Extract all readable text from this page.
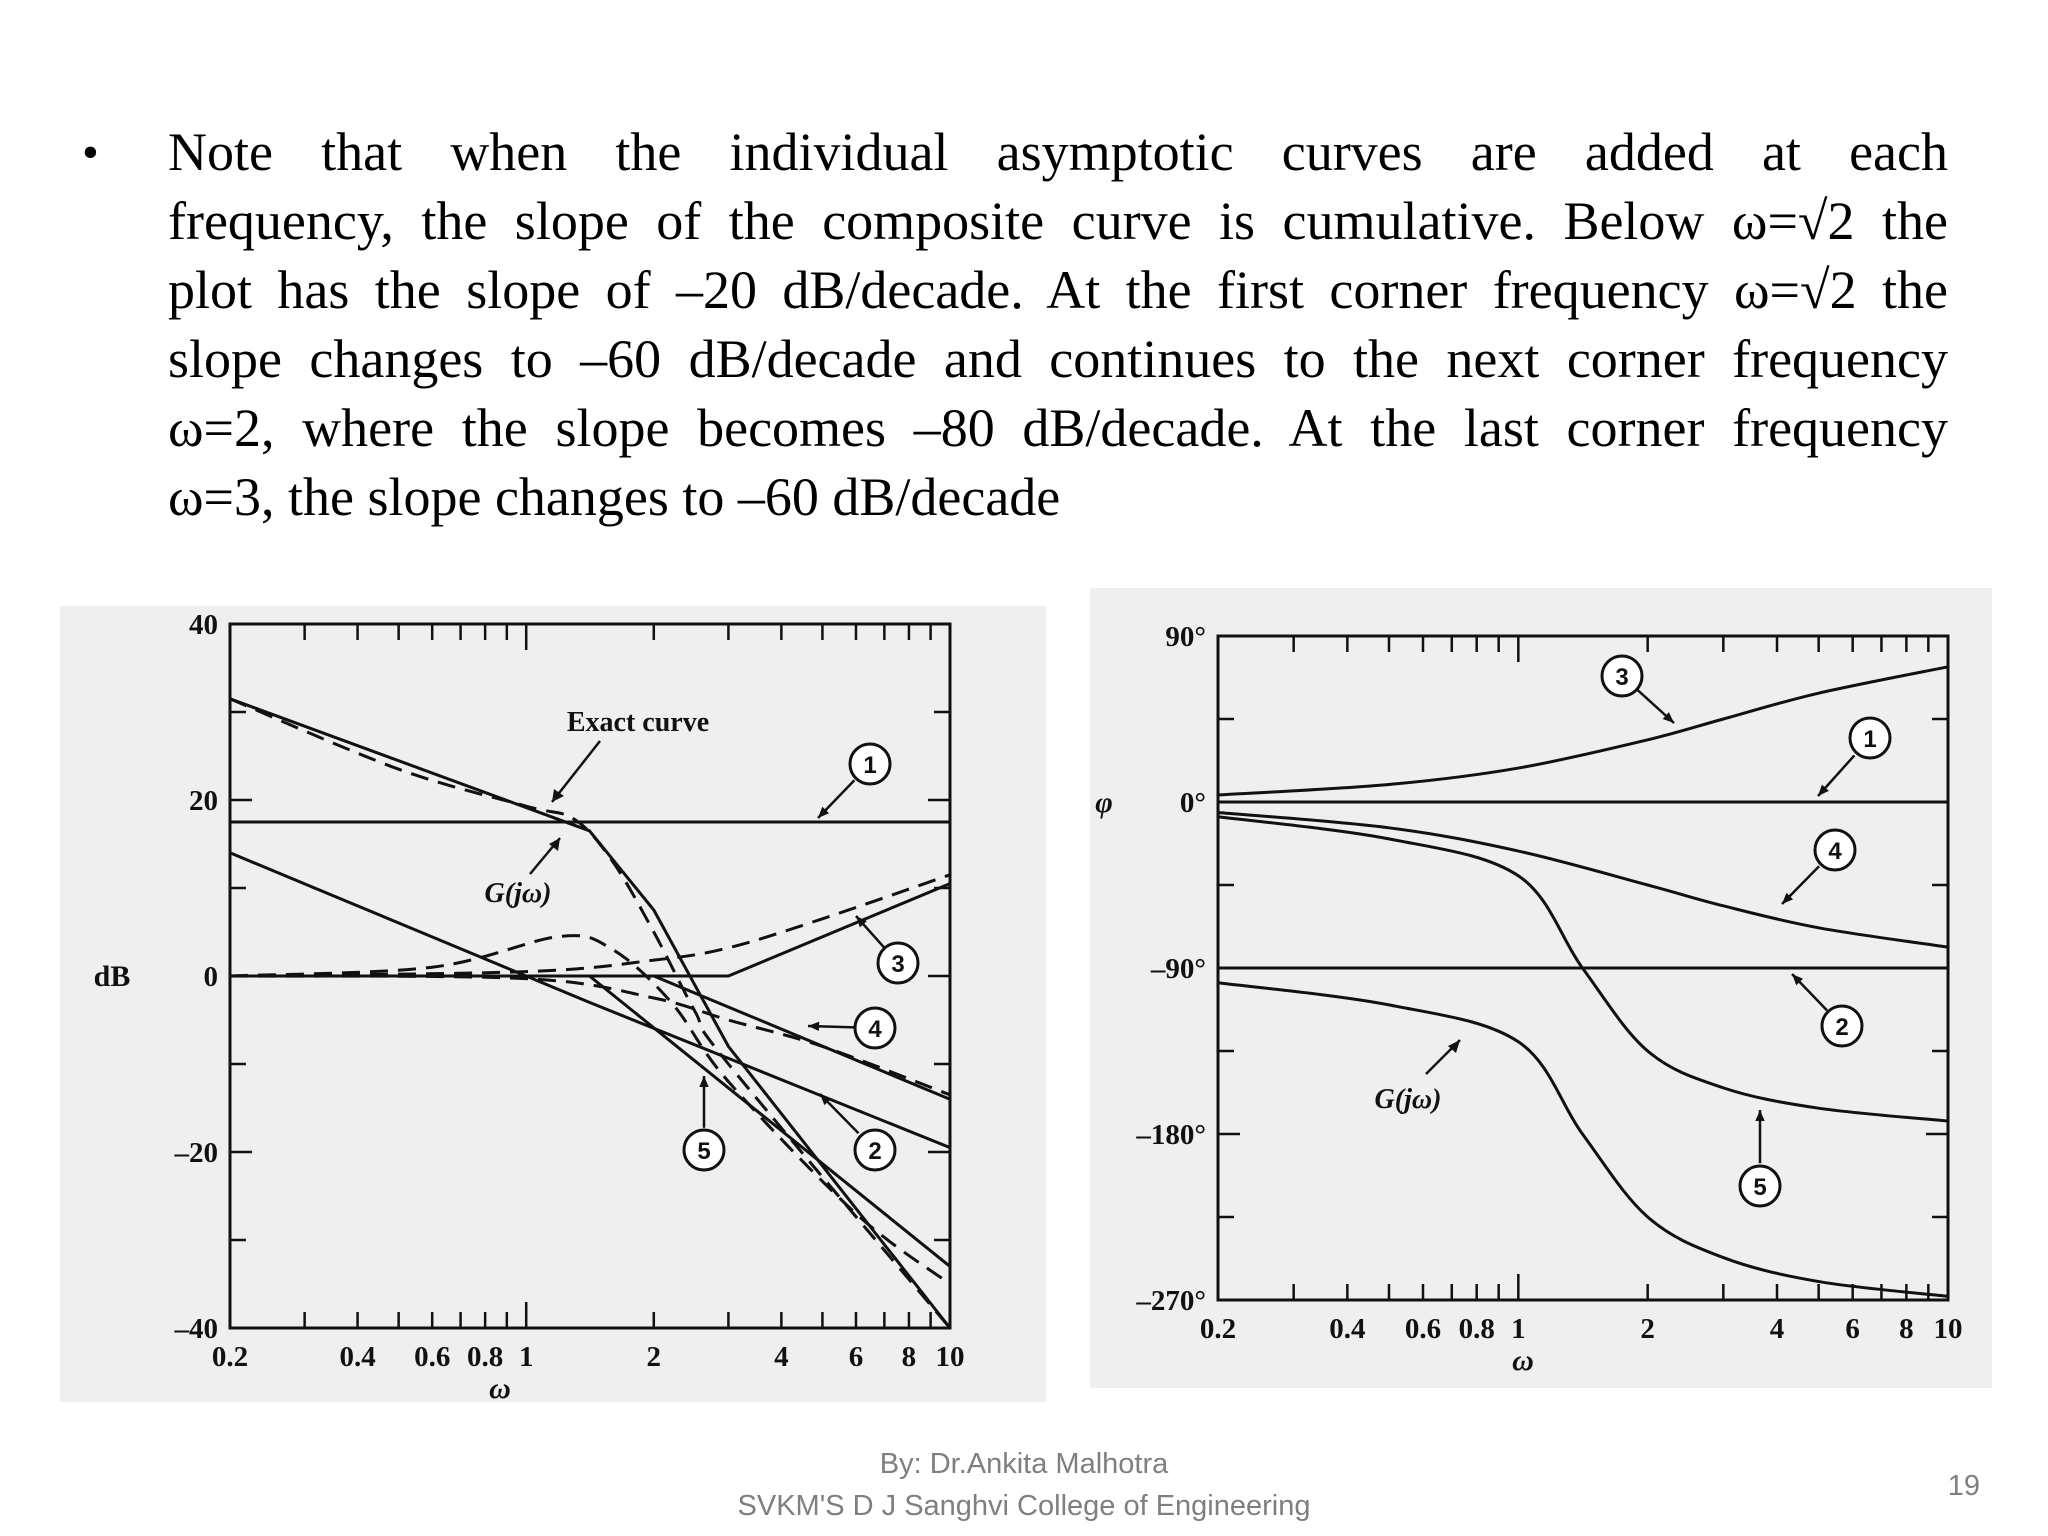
• Note that when the individual asymptotic curves are added at each
frequency, the slope of the composite curve is cumulative. Below ω=√2 the
plot has the slope of –20 dB/decade. At the first corner frequency ω=√2 the
slope changes to –60 dB/decade and continues to the next corner frequency
ω=2, where the slope becomes –80 dB/decade. At the last corner frequency
ω=3, the slope changes to –60 dB/decade
0.2	0.4 0.6 0.8 1	2	4 6 8 10
40
20
0
–20
–40
ω
dB
1
2
3
4
5
Exact curve
G(jω)
0.2	0.4 0.6 0.8 1	2	4 6 8 10
90°
0°
–90°
–180°
–270°
ω
φ
1
2
3
4
5
G(jω)
By: Dr.Ankita Malhotra
SVKM'S D J Sanghvi College of Engineering
19
